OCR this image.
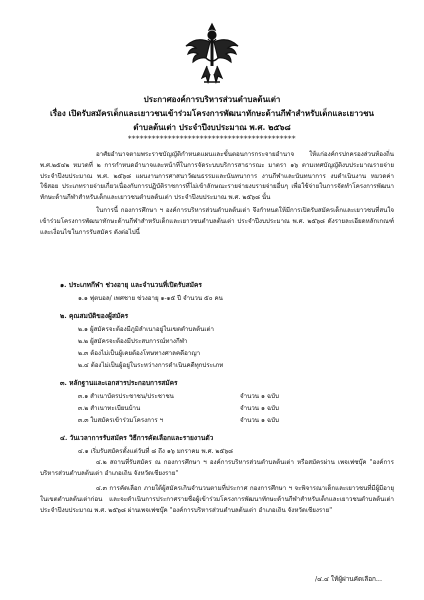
ประกาศองค์การบริหารส่วนตำบลต้นเต่า
เรื่อง เปิดรับสมัครเด็กและเยาวชนเข้าร่วมโครงการพัฒนาทักษะด้านกีฬาสำหรับเด็กและเยาวชน
ตำบลต้นเต่า ประจำปีงบประมาณ พ.ศ. ๒๕๖๘
******************************************

อาศัยอำนาจตามพระราชบัญญัติกำหนดแผนและขั้นตอนการกระจายอำนาจ ให้แก่องค์กรปกครองส่วนท้องถิ่น พ.ศ.๒๕๔๒ หมวดที่ ๒ การกำหนดอำนาจและหน้าที่ในการจัดระบบบริการสาธารณะ มาตรา ๑๖ ตามเทศบัญญัติงบประมาณรายจ่ายประจำปีงบประมาณ พ.ศ. ๒๕๖๘ แผนงานการศาสนาวัฒนธรรมและนันทนาการ งานกีฬาและนันทนาการ งบดำเนินงาน หมวดค่าใช้สอย ประเภทรายจ่ายเกี่ยวเนื่องกับการปฏิบัติราชการที่ไม่เข้าลักษณะรายจ่ายงบรายจ่ายอื่นๆ เพื่อใช้จ่ายในการจัดทำโครงการพัฒนาทักษะด้านกีฬาสำหรับเด็กและเยาวชนตำบลต้นเต่า ประจำปีงบประมาณ พ.ศ. ๒๕๖๘ นั้น

ในการนี้ กองการศึกษา ฯ องค์การบริหารส่วนตำบลต้นเต่า จึงกำหนดให้มีการเปิดรับสมัครเด็กและเยาวชนที่สนใจเข้าร่วมโครงการพัฒนาทักษะด้านกีฬาสำหรับเด็กและเยาวชนตำบลต้นเต่า ประจำปีงบประมาณ พ.ศ. ๒๕๖๘ ดังรายละเอียดหลักเกณฑ์และเงื่อนไขในการรับสมัคร ดังต่อไปนี้

๑. ประเภทกีฬา ช่วงอายุ และจำนวนที่เปิดรับสมัคร
๑.๑ ฟุตบอล/ เพศชาย ช่วงอายุ ๑-๑๕ ปี จำนวน ๕๐ คน
๒. คุณสมบัติของผู้สมัคร
๒.๑ ผู้สมัครจะต้องมีภูมิลำเนาอยู่ในเขตตำบลต้นเต่า
๒.๒ ผู้สมัครจะต้องมีประสบการณ์ทางกีฬา
๒.๓ ต้องไม่เป็นผู้เคยต้องโทษทางศาลคดีอาญา
๒.๔ ต้องไม่เป็นผู้อยู่ในระหว่างการดำเนินคดีทุกประเภท
๓. หลักฐานและเอกสารประกอบการสมัคร
๓.๑ สำเนาบัตรประชาชน/ประชาชน	จำนวน ๑ ฉบับ
๓.๒ สำเนาทะเบียนบ้าน	จำนวน ๑ ฉบับ
๓.๓ ใบสมัครเข้าร่วมโครงการ ฯ	จำนวน ๑ ฉบับ
๔. วันเวลาการรับสมัคร วิธีการคัดเลือกและรายงานตัว
๔.๑ เริ่มรับสมัครตั้งแต่วันที่ ๘ ถึง ๑๖ มกราคม พ.ศ. ๒๕๖๘
๔.๒ สถานที่รับสมัคร ณ กองการศึกษา ฯ องค์การบริหารส่วนตำบลต้นเต่า หรือสมัครผ่าน เพจเฟซบุ๊ค "องค์การบริหารส่วนตำบลต้นเต่า อำเภอเถิน จังหวัดเชียงราย"
๔.๓ การคัดเลือก ภายใต้ผู้สมัครเกินจำนวนตามที่ประกาศ กองการศึกษา ฯ จะพิจารณาเด็กและเยาวชนที่มีผู้มีอายุในเขตตำบลต้นเต่าก่อน และจะดำเนินการประกาศรายชื่อผู้เข้าร่วมโครงการพัฒนาทักษะด้านกีฬาสำหรับเด็กและเยาวชนตำบลต้นเต่า ประจำปีงบประมาณ พ.ศ. ๒๕๖๘ ผ่านเพจเฟซบุ๊ค "องค์การบริหารส่วนตำบลต้นเต่า อำเภอเถิน จังหวัดเชียงราย"
/๔.๔ ให้ผู้ผ่านคัดเลือก...
